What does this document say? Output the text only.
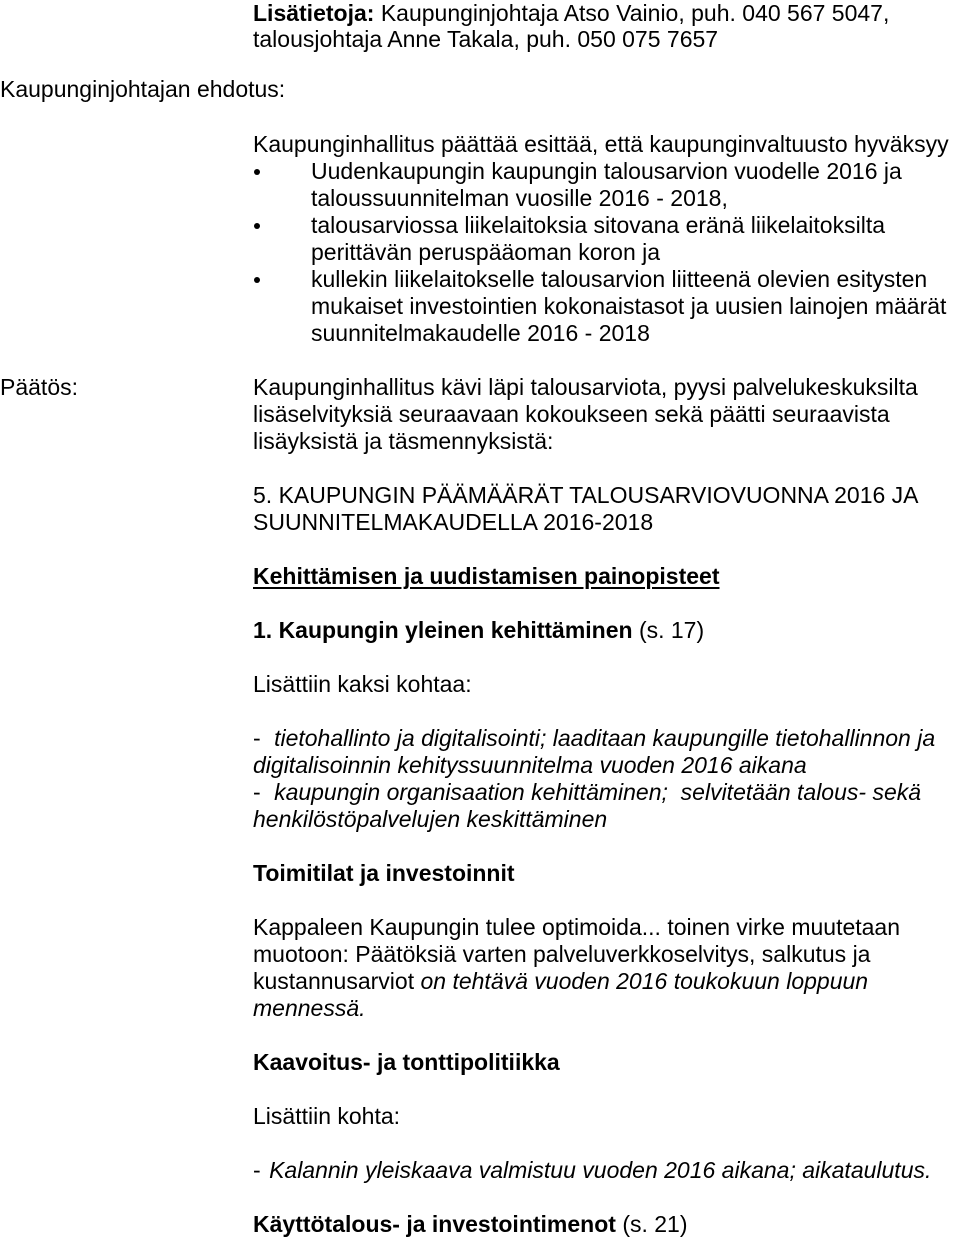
Lisätietoja: Kaupunginjohtaja Atso Vainio, puh. 040 567 5047,
talousjohtaja Anne Takala, puh. 050 075 7657
Kaupunginjohtajan ehdotus:
Päätös:
Kaupunginhallitus päättää esittää, että kaupunginvaltuusto hyväksyy
Uudenkaupungin kaupungin talousarvion vuodelle 2016 ja
taloussuunnitelman vuosille 2016 - 2018,
talousarviossa liikelaitoksia sitovana eränä liikelaitoksilta
perittävän peruspääoman koron ja
kullekin liikelaitokselle talousarvion liitteenä olevien esitysten
mukaiset investointien kokonaistasot ja uusien lainojen määrät
suunnitelmakaudelle 2016 - 2018
Kaupunginhallitus kävi läpi talousarviota, pyysi palvelukeskuksilta
lisäselvityksiä seuraavaan kokoukseen sekä päätti seuraavista
lisäyksistä ja täsmennyksistä:
5. KAUPUNGIN PÄÄMÄÄRÄT TALOUSARVIOVUONNA 2016 JA
SUUNNITELMAKAUDELLA 2016-2018
Kehittämisen ja uudistamisen painopisteet
1. Kaupungin yleinen kehittäminen (s. 17)
Lisättiin kaksi kohtaa:
- tietohallinto ja digitalisointi; laaditaan kaupungille tietohallinnon ja
digitalisoinnin kehityssuunnitelma vuoden 2016 aikana
- kaupungin organisaation kehittäminen;  selvitetään talous- sekä
henkilöstöpalvelujen keskittäminen
Toimitilat ja investoinnit
Kappaleen Kaupungin tulee optimoida... toinen virke muutetaan
muotoon: Päätöksiä varten palveluverkkoselvitys, salkutus ja
kustannusarviot on tehtävä vuoden 2016 toukokuun loppuun
mennessä.
Kaavoitus- ja tonttipolitiikka
Lisättiin kohta:
- Kalannin yleiskaava valmistuu vuoden 2016 aikana; aikataulutus.
Käyttötalous- ja investointimenot (s. 21)
